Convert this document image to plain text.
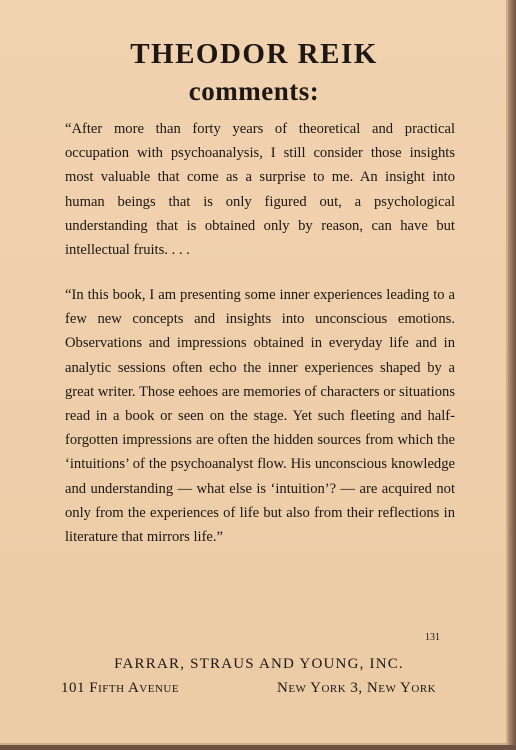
THEODOR REIK
comments:

“After more than forty years of theoretical and practical occupation with psychoanalysis, I still consider those insights most valuable that come as a surprise to me. An insight into human beings that is only figured out, a psychological understanding that is obtained only by reason, can have but intellectual fruits. . . .

“In this book, I am presenting some inner experiences leading to a few new concepts and insights into unconscious emotions. Observations and impressions obtained in everyday life and in analytic sessions often echo the inner experiences shaped by a great writer. Those eehoes are memories of characters or situations read in a book or seen on the stage. Yet such fleeting and half-forgotten impressions are often the hidden sources from which the ‘intuitions’ of the psychoanalyst flow. His unconscious knowledge and understanding — what else is ‘intuition’? — are acquired not only from the experiences of life but also from their reflections in literature that mirrors life.”

131

FARRAR, STRAUS AND YOUNG, INC.

101 Fifth Avenue	New York 3, New York
